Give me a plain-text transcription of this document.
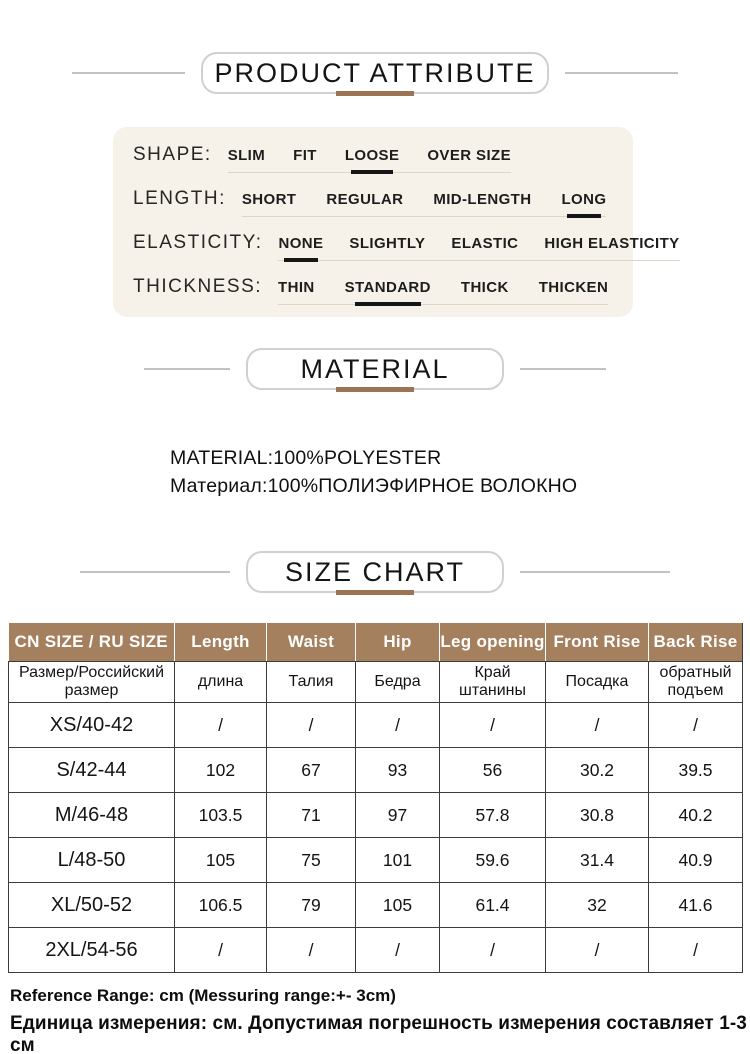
PRODUCT ATTRIBUTE
SHAPE: SLIM FIT LOOSE OVER SIZE
LENGTH: SHORT REGULAR MID-LENGTH LONG
ELASTICITY: NONE SLIGHTLY ELASTIC HIGH ELASTICITY
THICKNESS: THIN STANDARD THICK THICKEN
MATERIAL
MATERIAL:100%POLYESTER
Материал:100%ПОЛИЭФИРНОЕ ВОЛОКНО
SIZE CHART
CN SIZE / RU SIZE	Length	Waist	Hip	Leg opening	Front Rise	Back Rise
Размер/Российский размер	длина	Талия	Бедра	Край штанины	Посадка	обратный подъем
XS/40-42	/	/	/	/	/	/
S/42-44	102	67	93	56	30.2	39.5
M/46-48	103.5	71	97	57.8	30.8	40.2
L/48-50	105	75	101	59.6	31.4	40.9
XL/50-52	106.5	79	105	61.4	32	41.6
2XL/54-56	/	/	/	/	/	/
Reference Range: cm (Messuring range:+- 3cm)
Единица измерения: см. Допустимая погрешность измерения составляет 1-3 см
